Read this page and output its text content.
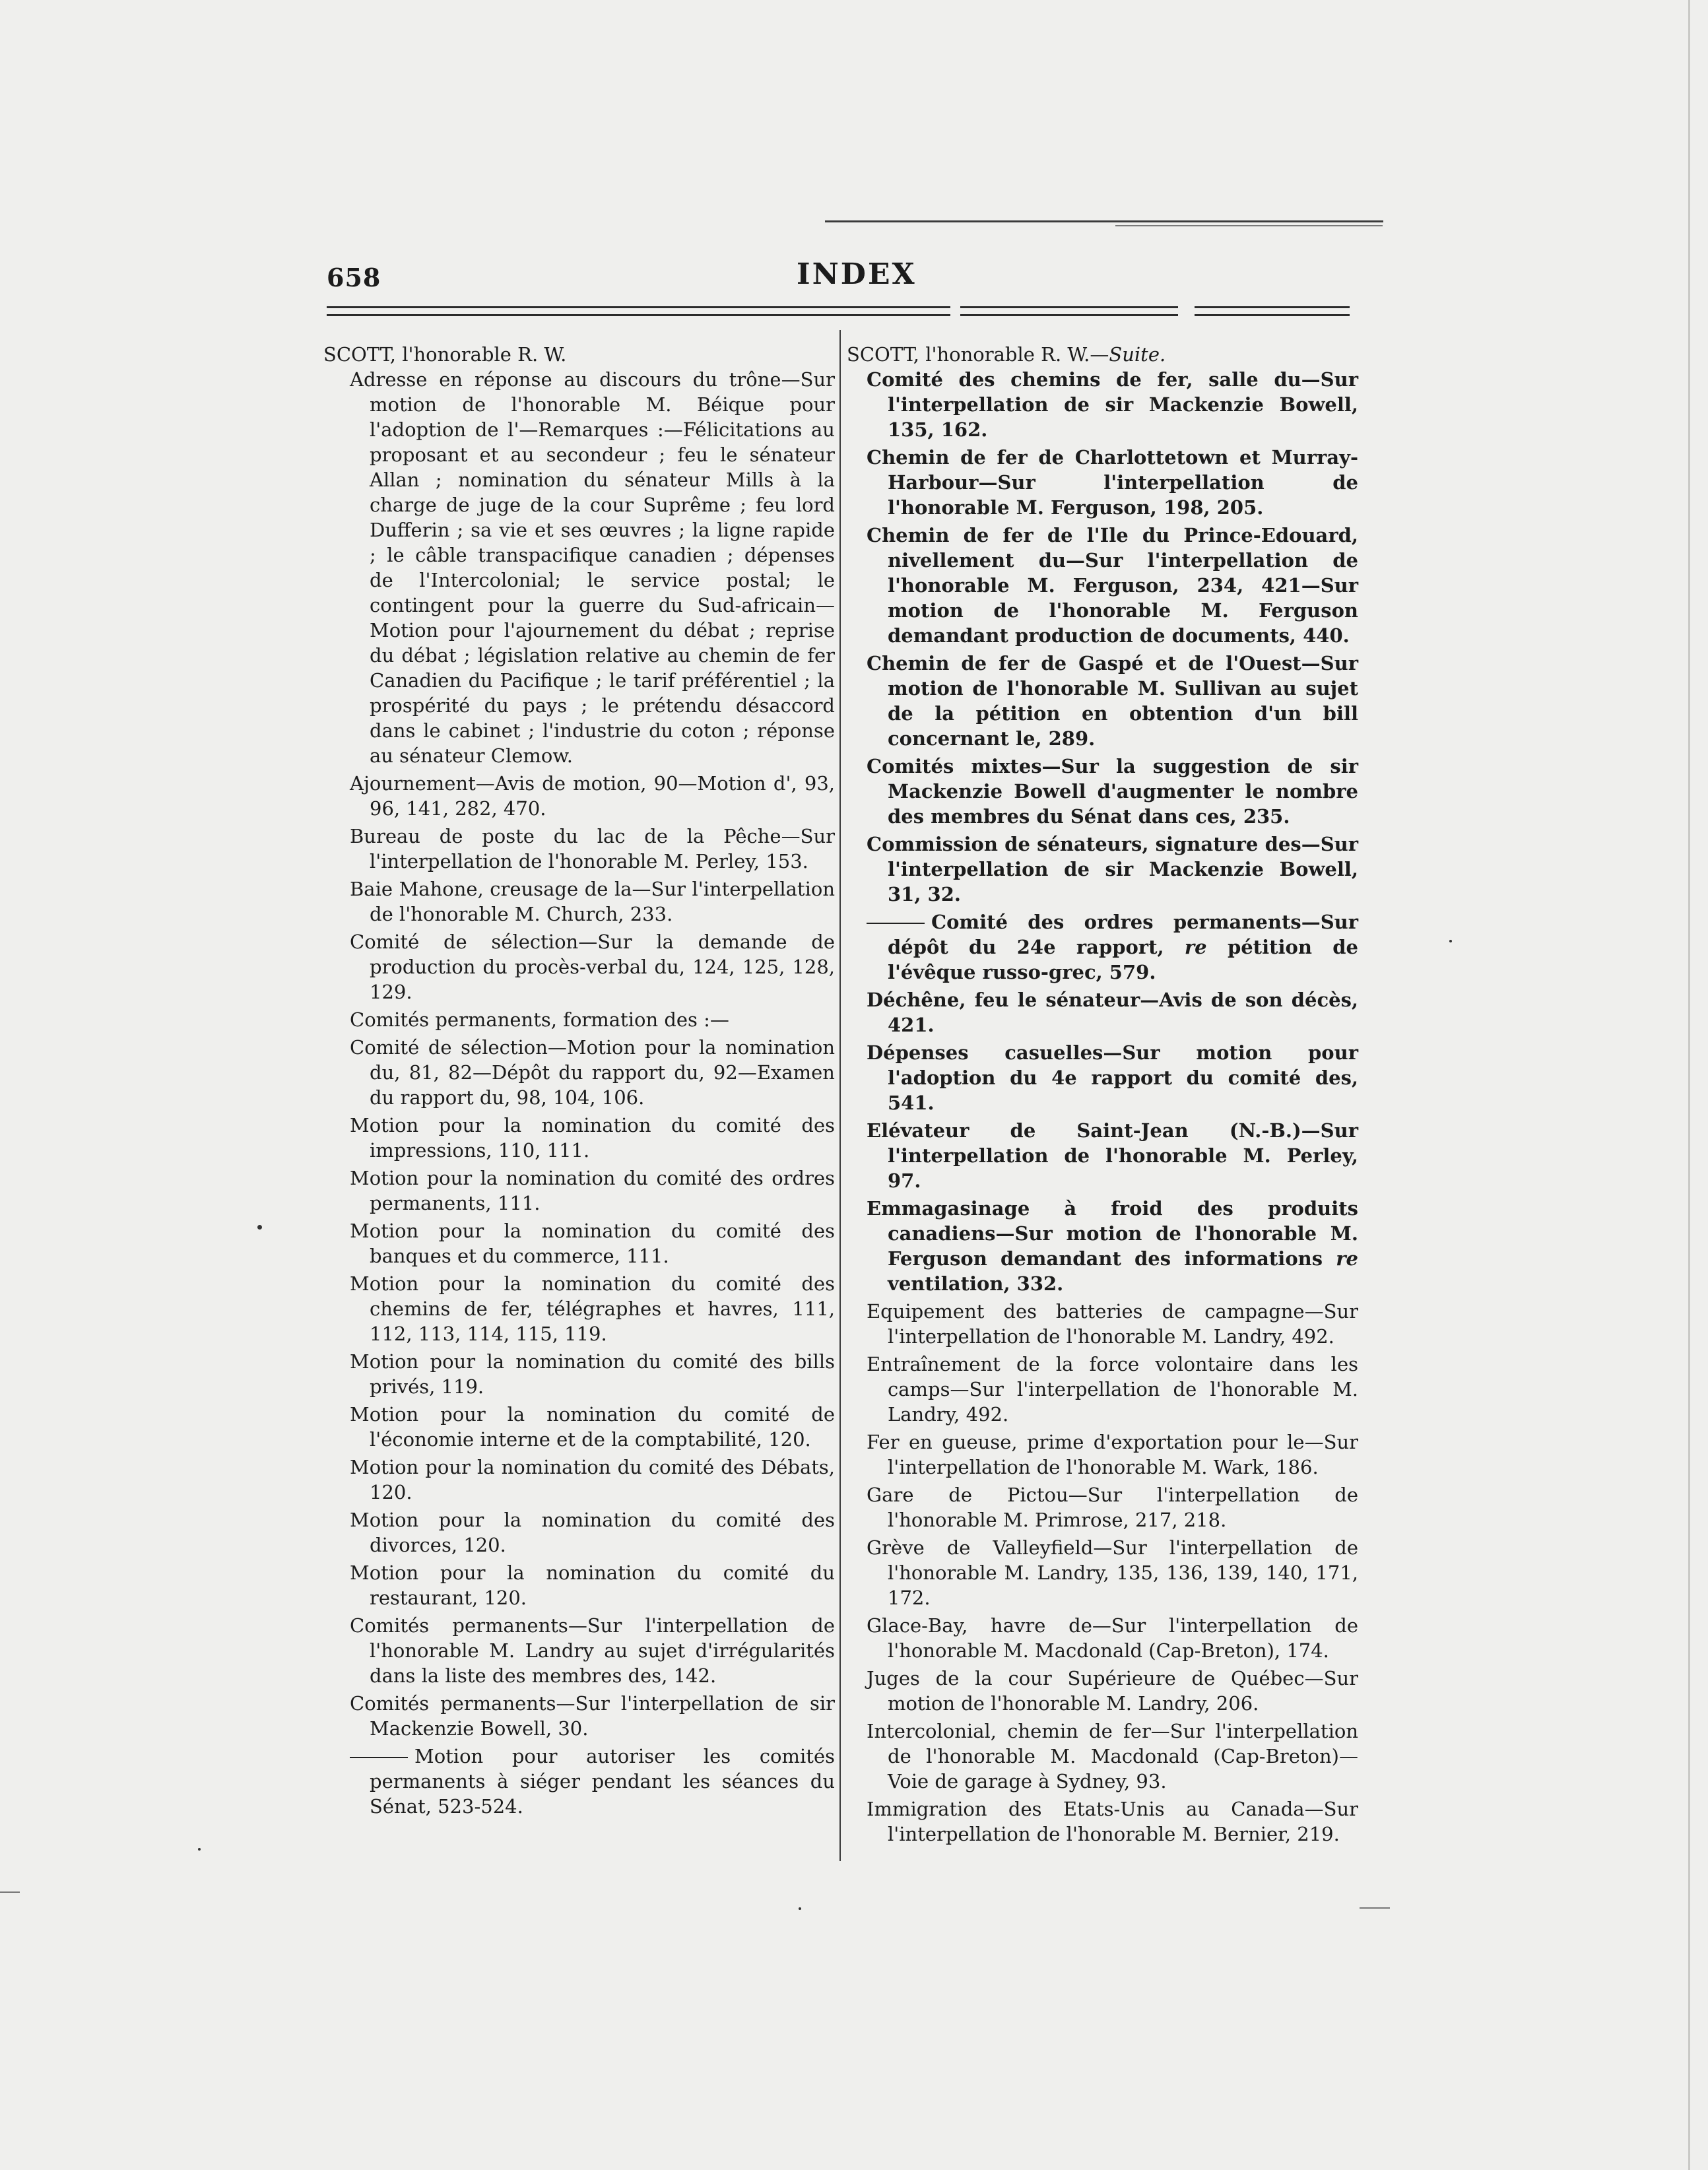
658	INDEX
SCOTT, l'honorable R. W.

Adresse en réponse au discours du trône—Sur motion de l'honorable M. Béique pour l'adoption de l'—Remarques :—Félicitations au proposant et au secondeur ; feu le sénateur Allan ; nomination du sénateur Mills à la charge de juge de la cour Suprême ; feu lord Dufferin ; sa vie et ses œuvres ; la ligne rapide ; le câble transpacifique canadien ; dépenses de l'Intercolonial; le service postal; le contingent pour la guerre du Sud-africain—Motion pour l'ajournement du débat ; reprise du débat ; législation relative au chemin de fer Canadien du Pacifique ; le tarif préférentiel ; la prospérité du pays ; le prétendu désaccord dans le cabinet ; l'industrie du coton ; réponse au sénateur Clemow.

Ajournement—Avis de motion, 90—Motion d', 93, 96, 141, 282, 470.

Bureau de poste du lac de la Pêche—Sur l'interpellation de l'honorable M. Perley, 153.

Baie Mahone, creusage de la—Sur l'interpellation de l'honorable M. Church, 233.

Comité de sélection—Sur la demande de production du procès-verbal du, 124, 125, 128, 129.

Comités permanents, formation des :—

Comité de sélection—Motion pour la nomination du, 81, 82—Dépôt du rapport du, 92—Examen du rapport du, 98, 104, 106.

Motion pour la nomination du comité des impressions, 110, 111.

Motion pour la nomination du comité des ordres permanents, 111.

Motion pour la nomination du comité des banques et du commerce, 111.

Motion pour la nomination du comité des chemins de fer, télégraphes et havres, 111, 112, 113, 114, 115, 119.

Motion pour la nomination du comité des bills privés, 119.

Motion pour la nomination du comité de l'économie interne et de la comptabilité, 120.

Motion pour la nomination du comité des Débats, 120.

Motion pour la nomination du comité des divorces, 120.

Motion pour la nomination du comité du restaurant, 120.

Comités permanents—Sur l'interpellation de l'honorable M. Landry au sujet d'irrégularités dans la liste des membres des, 142.

Comités permanents—Sur l'interpellation de sir Mackenzie Bowell, 30.

Motion pour autoriser les comités permanents à siéger pendant les séances du Sénat, 523-524.

SCOTT, l'honorable R. W.—Suite.

Comité des chemins de fer, salle du—Sur l'interpellation de sir Mackenzie Bowell, 135, 162.

Chemin de fer de Charlottetown et Murray-Harbour—Sur l'interpellation de l'honorable M. Ferguson, 198, 205.

Chemin de fer de l'Ile du Prince-Edouard, nivellement du—Sur l'interpellation de l'honorable M. Ferguson, 234, 421—Sur motion de l'honorable M. Ferguson demandant production de documents, 440.

Chemin de fer de Gaspé et de l'Ouest—Sur motion de l'honorable M. Sullivan au sujet de la pétition en obtention d'un bill concernant le, 289.

Comités mixtes—Sur la suggestion de sir Mackenzie Bowell d'augmenter le nombre des membres du Sénat dans ces, 235.

Commission de sénateurs, signature des—Sur l'interpellation de sir Mackenzie Bowell, 31, 32.

Comité des ordres permanents—Sur dépôt du 24e rapport, re pétition de l'évêque russo-grec, 579.

Déchêne, feu le sénateur—Avis de son décès, 421.

Dépenses casuelles—Sur motion pour l'adoption du 4e rapport du comité des, 541.

Elévateur de Saint-Jean (N.-B.)—Sur l'interpellation de l'honorable M. Perley, 97.

Emmagasinage à froid des produits canadiens—Sur motion de l'honorable M. Ferguson demandant des informations re ventilation, 332.

Equipement des batteries de campagne—Sur l'interpellation de l'honorable M. Landry, 492.

Entraînement de la force volontaire dans les camps—Sur l'interpellation de l'honorable M. Landry, 492.

Fer en gueuse, prime d'exportation pour le—Sur l'interpellation de l'honorable M. Wark, 186.

Gare de Pictou—Sur l'interpellation de l'honorable M. Primrose, 217, 218.

Grève de Valleyfield—Sur l'interpellation de l'honorable M. Landry, 135, 136, 139, 140, 171, 172.

Glace-Bay, havre de—Sur l'interpellation de l'honorable M. Macdonald (Cap-Breton), 174.

Juges de la cour Supérieure de Québec—Sur motion de l'honorable M. Landry, 206.

Intercolonial, chemin de fer—Sur l'interpellation de l'honorable M. Macdonald (Cap-Breton)—Voie de garage à Sydney, 93.

Immigration des Etats-Unis au Canada—Sur l'interpellation de l'honorable M. Bernier, 219.
